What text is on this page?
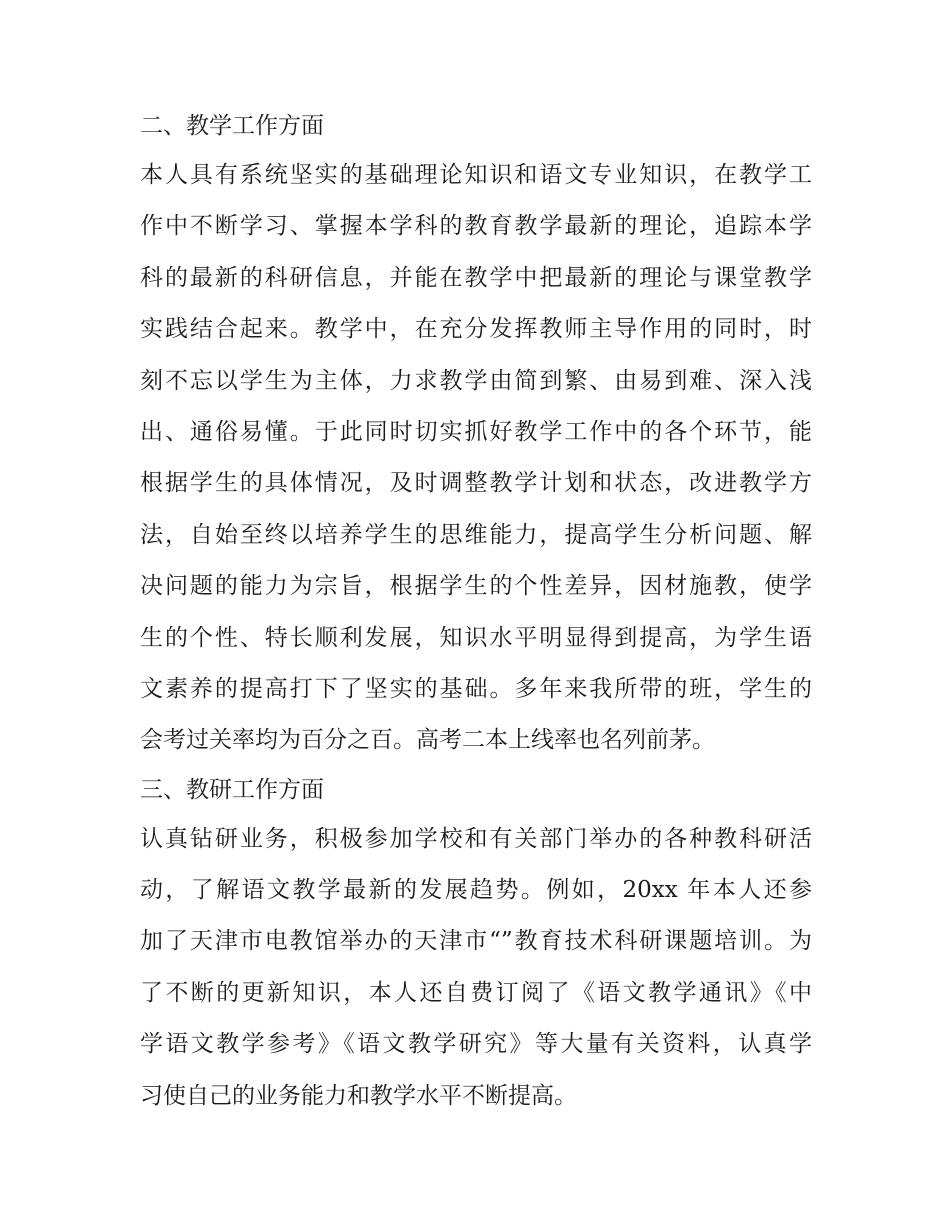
二、教学工作方面
本人具有系统坚实的基础理论知识和语文专业知识，在教学工
作中不断学习、掌握本学科的教育教学最新的理论，追踪本学
科的最新的科研信息，并能在教学中把最新的理论与课堂教学
实践结合起来。教学中，在充分发挥教师主导作用的同时，时
刻不忘以学生为主体，力求教学由简到繁、由易到难、深入浅
出、通俗易懂。于此同时切实抓好教学工作中的各个环节，能
根据学生的具体情况，及时调整教学计划和状态，改进教学方
法，自始至终以培养学生的思维能力，提高学生分析问题、解
决问题的能力为宗旨，根据学生的个性差异，因材施教，使学
生的个性、特长顺利发展，知识水平明显得到提高，为学生语
文素养的提高打下了坚实的基础。多年来我所带的班，学生的
会考过关率均为百分之百。高考二本上线率也名列前茅。
三、教研工作方面
认真钻研业务，积极参加学校和有关部门举办的各种教科研活
动，了解语文教学最新的发展趋势。例如，20xx 年本人还参
加了天津市电教馆举办的天津市“”教育技术科研课题培训。为
了不断的更新知识，本人还自费订阅了《语文教学通讯》《中
学语文教学参考》《语文教学研究》等大量有关资料，认真学
习使自己的业务能力和教学水平不断提高。
